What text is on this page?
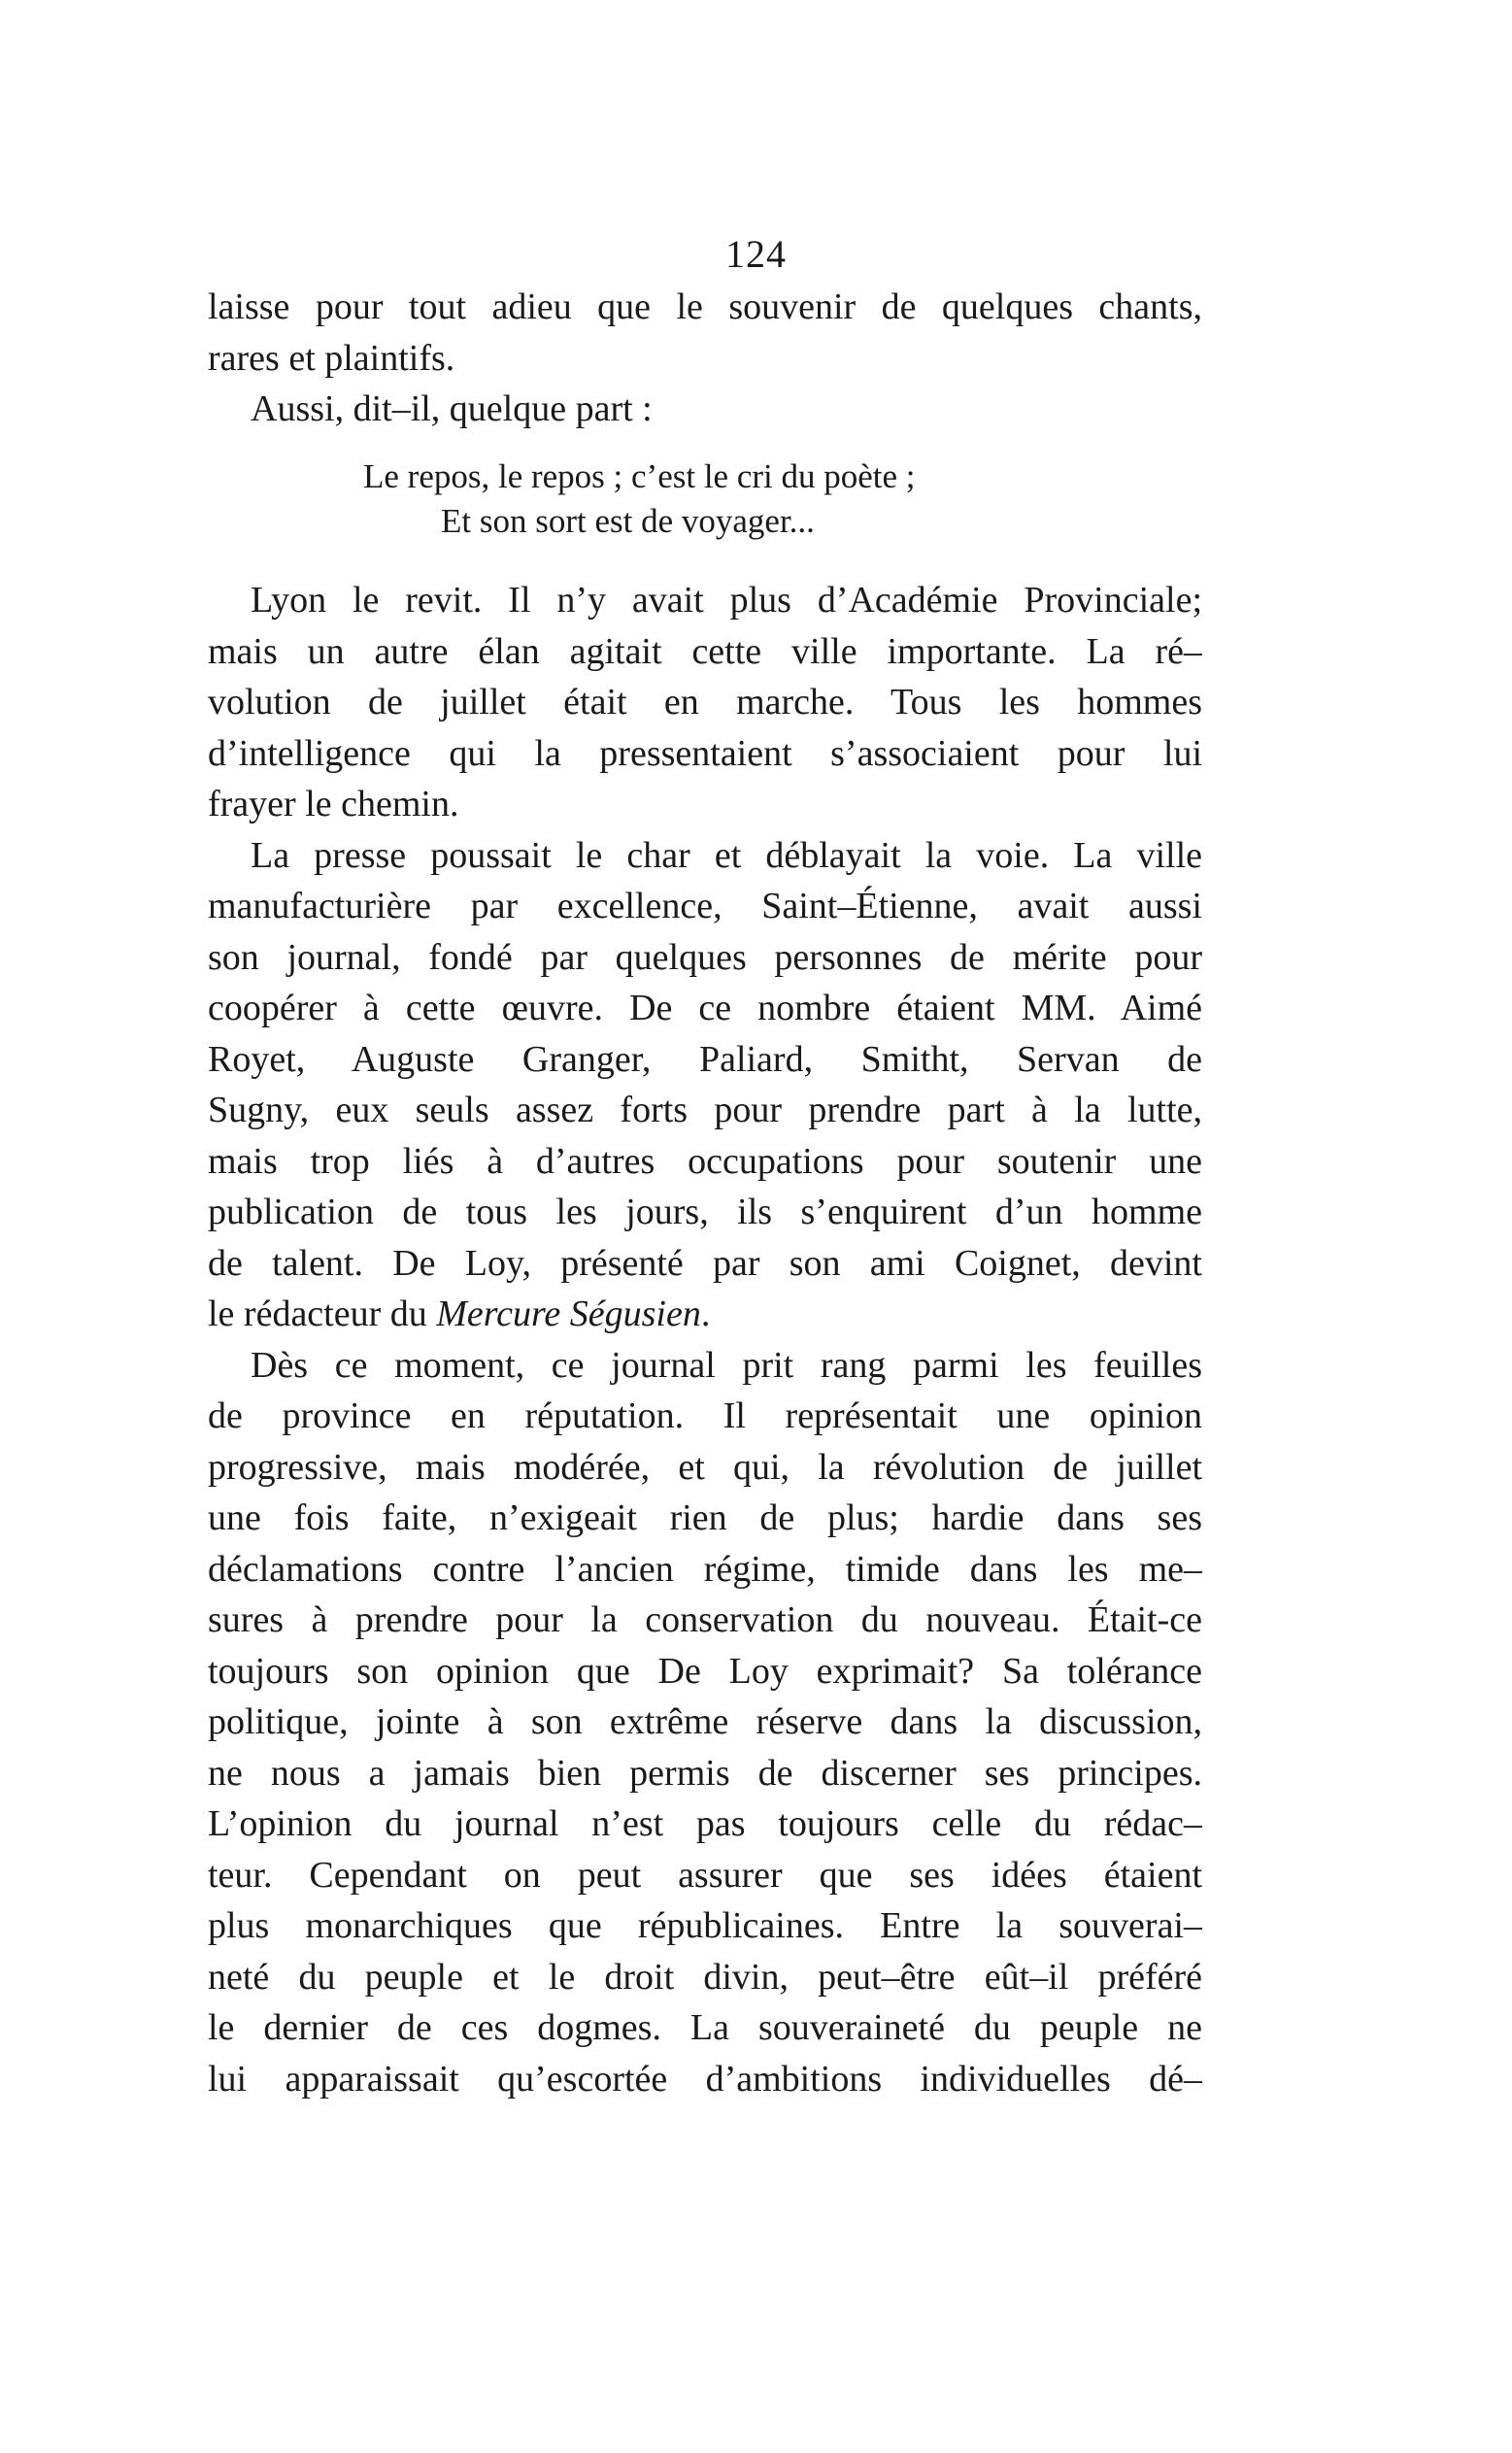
124
laisse pour tout adieu que le souvenir de quelques chants,
rares et plaintifs.
Aussi, dit–il, quelque part :
Le repos, le repos ; c’est le cri du poète ;
Et son sort est de voyager...
Lyon le revit. Il n’y avait plus d’Académie Provinciale;
mais un autre élan agitait cette ville importante. La ré–
volution de juillet était en marche. Tous les hommes
d’intelligence qui la pressentaient s’associaient pour lui
frayer le chemin.
La presse poussait le char et déblayait la voie. La ville
manufacturière par excellence, Saint–Étienne, avait aussi
son journal, fondé par quelques personnes de mérite pour
coopérer à cette œuvre. De ce nombre étaient MM. Aimé
Royet, Auguste Granger, Paliard, Smitht, Servan de
Sugny, eux seuls assez forts pour prendre part à la lutte,
mais trop liés à d’autres occupations pour soutenir une
publication de tous les jours, ils s’enquirent d’un homme
de talent. De Loy, présenté par son ami Coignet, devint
le rédacteur du Mercure Ségusien.
Dès ce moment, ce journal prit rang parmi les feuilles
de province en réputation. Il représentait une opinion
progressive, mais modérée, et qui, la révolution de juillet
une fois faite, n’exigeait rien de plus; hardie dans ses
déclamations contre l’ancien régime, timide dans les me–
sures à prendre pour la conservation du nouveau. Était-ce
toujours son opinion que De Loy exprimait? Sa tolérance
politique, jointe à son extrême réserve dans la discussion,
ne nous a jamais bien permis de discerner ses principes.
L’opinion du journal n’est pas toujours celle du rédac–
teur. Cependant on peut assurer que ses idées étaient
plus monarchiques que républicaines. Entre la souverai–
neté du peuple et le droit divin, peut–être eût–il préféré
le dernier de ces dogmes. La souveraineté du peuple ne
lui apparaissait qu’escortée d’ambitions individuelles dé–
